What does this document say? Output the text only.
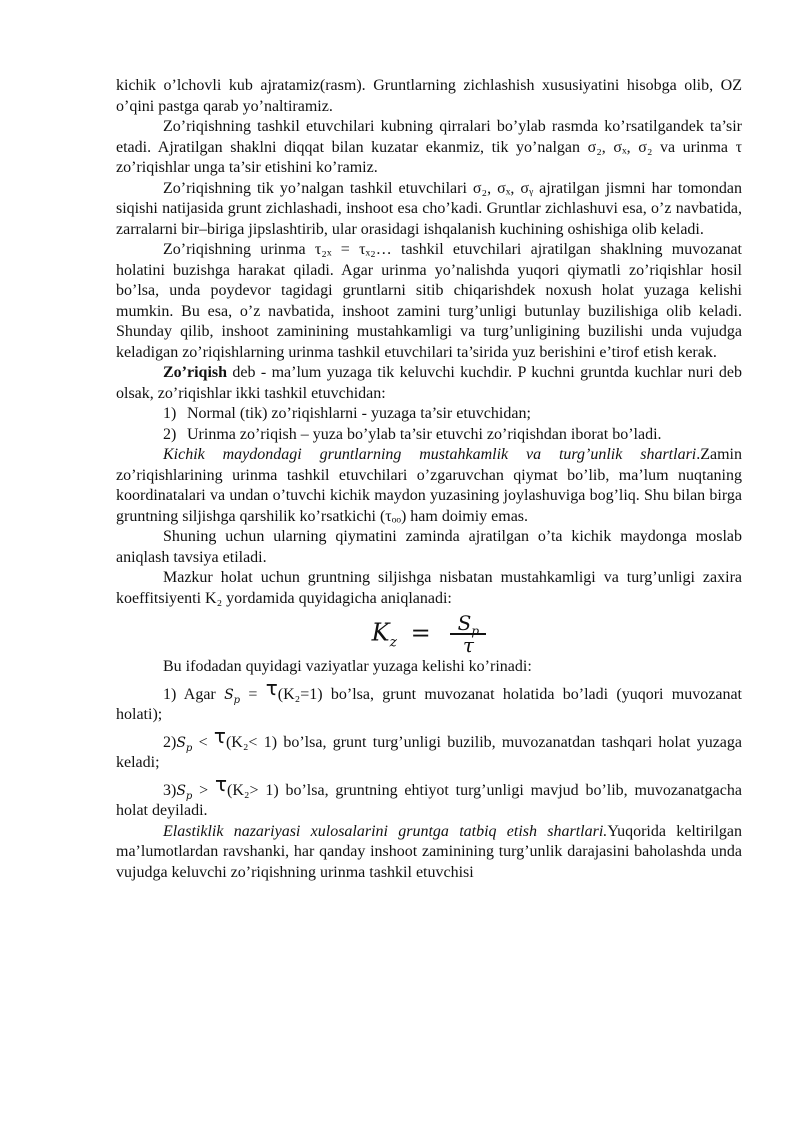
kichik o’lchovli kub ajratamiz(rasm). Gruntlarning zichlashish xususiyatini hisobga olib, OZ o’qini pastga qarab yo’naltiramiz.

Zo’riqishning tashkil etuvchilari kubning qirralari bo’ylab rasmda ko’rsatilgandek ta’sir etadi. Ajratilgan shaklni diqqat bilan kuzatar ekanmiz, tik yo’nalgan σ₂, σₓ, σ₂ va urinma τ zo’riqishlar unga ta’sir etishini ko’ramiz.

Zo’riqishning tik yo’nalgan tashkil etuvchilari σ₂, σₓ, σᵧ ajratilgan jismni har tomondan siqishi natijasida grunt zichlashadi, inshoot esa cho’kadi. Gruntlar zichlashuvi esa, o’z navbatida, zarralarni bir–biriga jipslashtirib, ular orasidagi ishqalanish kuchining oshishiga olib keladi.

Zo’riqishning urinma τ₂ₓ = τₓ₂… tashkil etuvchilari ajratilgan shaklning muvozanat holatini buzishga harakat qiladi. Agar urinma yo’nalishda yuqori qiymatli zo’riqishlar hosil bo’lsa, unda poydevor tagidagi gruntlarni sitib chiqarishdek noxush holat yuzaga kelishi mumkin. Bu esa, o’z navbatida, inshoot zamini turg’unligi butunlay buzilishiga olib keladi. Shunday qilib, inshoot zaminining mustahkamligi va turg’unligining buzilishi unda vujudga keladigan zo’riqishlarning urinma tashkil etuvchilari ta’sirida yuz berishini e’tirof etish kerak.

Zo’riqish deb - ma’lum yuzaga tik keluvchi kuchdir. P kuchni gruntda kuchlar nuri deb olsak, zo’riqishlar ikki tashkil etuvchidan:

1) Normal (tik) zo’riqishlarni - yuzaga ta’sir etuvchidan;
2) Urinma zo’riqish – yuza bo’ylab ta’sir etuvchi zo’riqishdan iborat bo’ladi.

Kichik maydondagi gruntlarning mustahkamlik va turg’unlik shartlari.Zamin zo’riqishlarining urinma tashkil etuvchilari o’zgaruvchan qiymat bo’lib, ma’lum nuqtaning koordinatalari va undan o’tuvchi kichik maydon yuzasining joylashuviga bog’liq. Shu bilan birga gruntning siljishga qarshilik ko’rsatkichi (τₒₒ) ham doimiy emas.

Shuning uchun ularning qiymatini zaminda ajratilgan o’ta kichik maydonga moslab aniqlash tavsiya etiladi.

Mazkur holat uchun gruntning siljishga nisbatan mustahkamligi va turg’unligi zaxira koeffitsiyenti K₂ yordamida quyidagicha aniqlanadi:

$K_z = \frac{S_p}{\tau}$

Bu ifodadan quyidagi vaziyatlar yuzaga kelishi ko’rinadi:

1) Agar $S_p = \tau(K_2=1)$ bo’lsa, grunt muvozanat holatida bo’ladi (yuqori muvozanat holati);

$2)S_p < \tau(K_2< 1)$ bo’lsa, grunt turg’unligi buzilib, muvozanatdan tashqari holat yuzaga keladi;

$3)S_p > \tau(K_2> 1)$ bo’lsa, gruntning ehtiyot turg’unligi mavjud bo’lib, muvozanatgacha holat deyiladi.

Elastiklik nazariyasi xulosalarini gruntga tatbiq etish shartlari.Yuqorida keltirilgan ma’lumotlardan ravshanki, har qanday inshoot zaminining turg’unlik darajasini baholashda unda vujudga keluvchi zo’riqishning urinma tashkil etuvchisi
